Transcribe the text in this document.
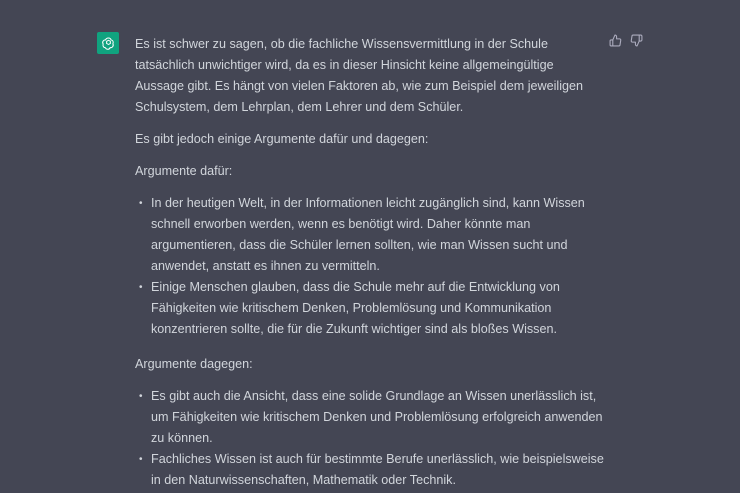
Es ist schwer zu sagen, ob die fachliche Wissensvermittlung in der Schule tatsächlich unwichtiger wird, da es in dieser Hinsicht keine allgemeingültige Aussage gibt. Es hängt von vielen Faktoren ab, wie zum Beispiel dem jeweiligen Schulsystem, dem Lehrplan, dem Lehrer und dem Schüler.

Es gibt jedoch einige Argumente dafür und dagegen:

Argumente dafür:

• In der heutigen Welt, in der Informationen leicht zugänglich sind, kann Wissen schnell erworben werden, wenn es benötigt wird. Daher könnte man argumentieren, dass die Schüler lernen sollten, wie man Wissen sucht und anwendet, anstatt es ihnen zu vermitteln.
• Einige Menschen glauben, dass die Schule mehr auf die Entwicklung von Fähigkeiten wie kritischem Denken, Problemlösung und Kommunikation konzentrieren sollte, die für die Zukunft wichtiger sind als bloßes Wissen.

Argumente dagegen:

• Es gibt auch die Ansicht, dass eine solide Grundlage an Wissen unerlässlich ist, um Fähigkeiten wie kritischem Denken und Problemlösung erfolgreich anwenden zu können.
• Fachliches Wissen ist auch für bestimmte Berufe unerlässlich, wie beispielsweise in den Naturwissenschaften, Mathematik oder Technik.
